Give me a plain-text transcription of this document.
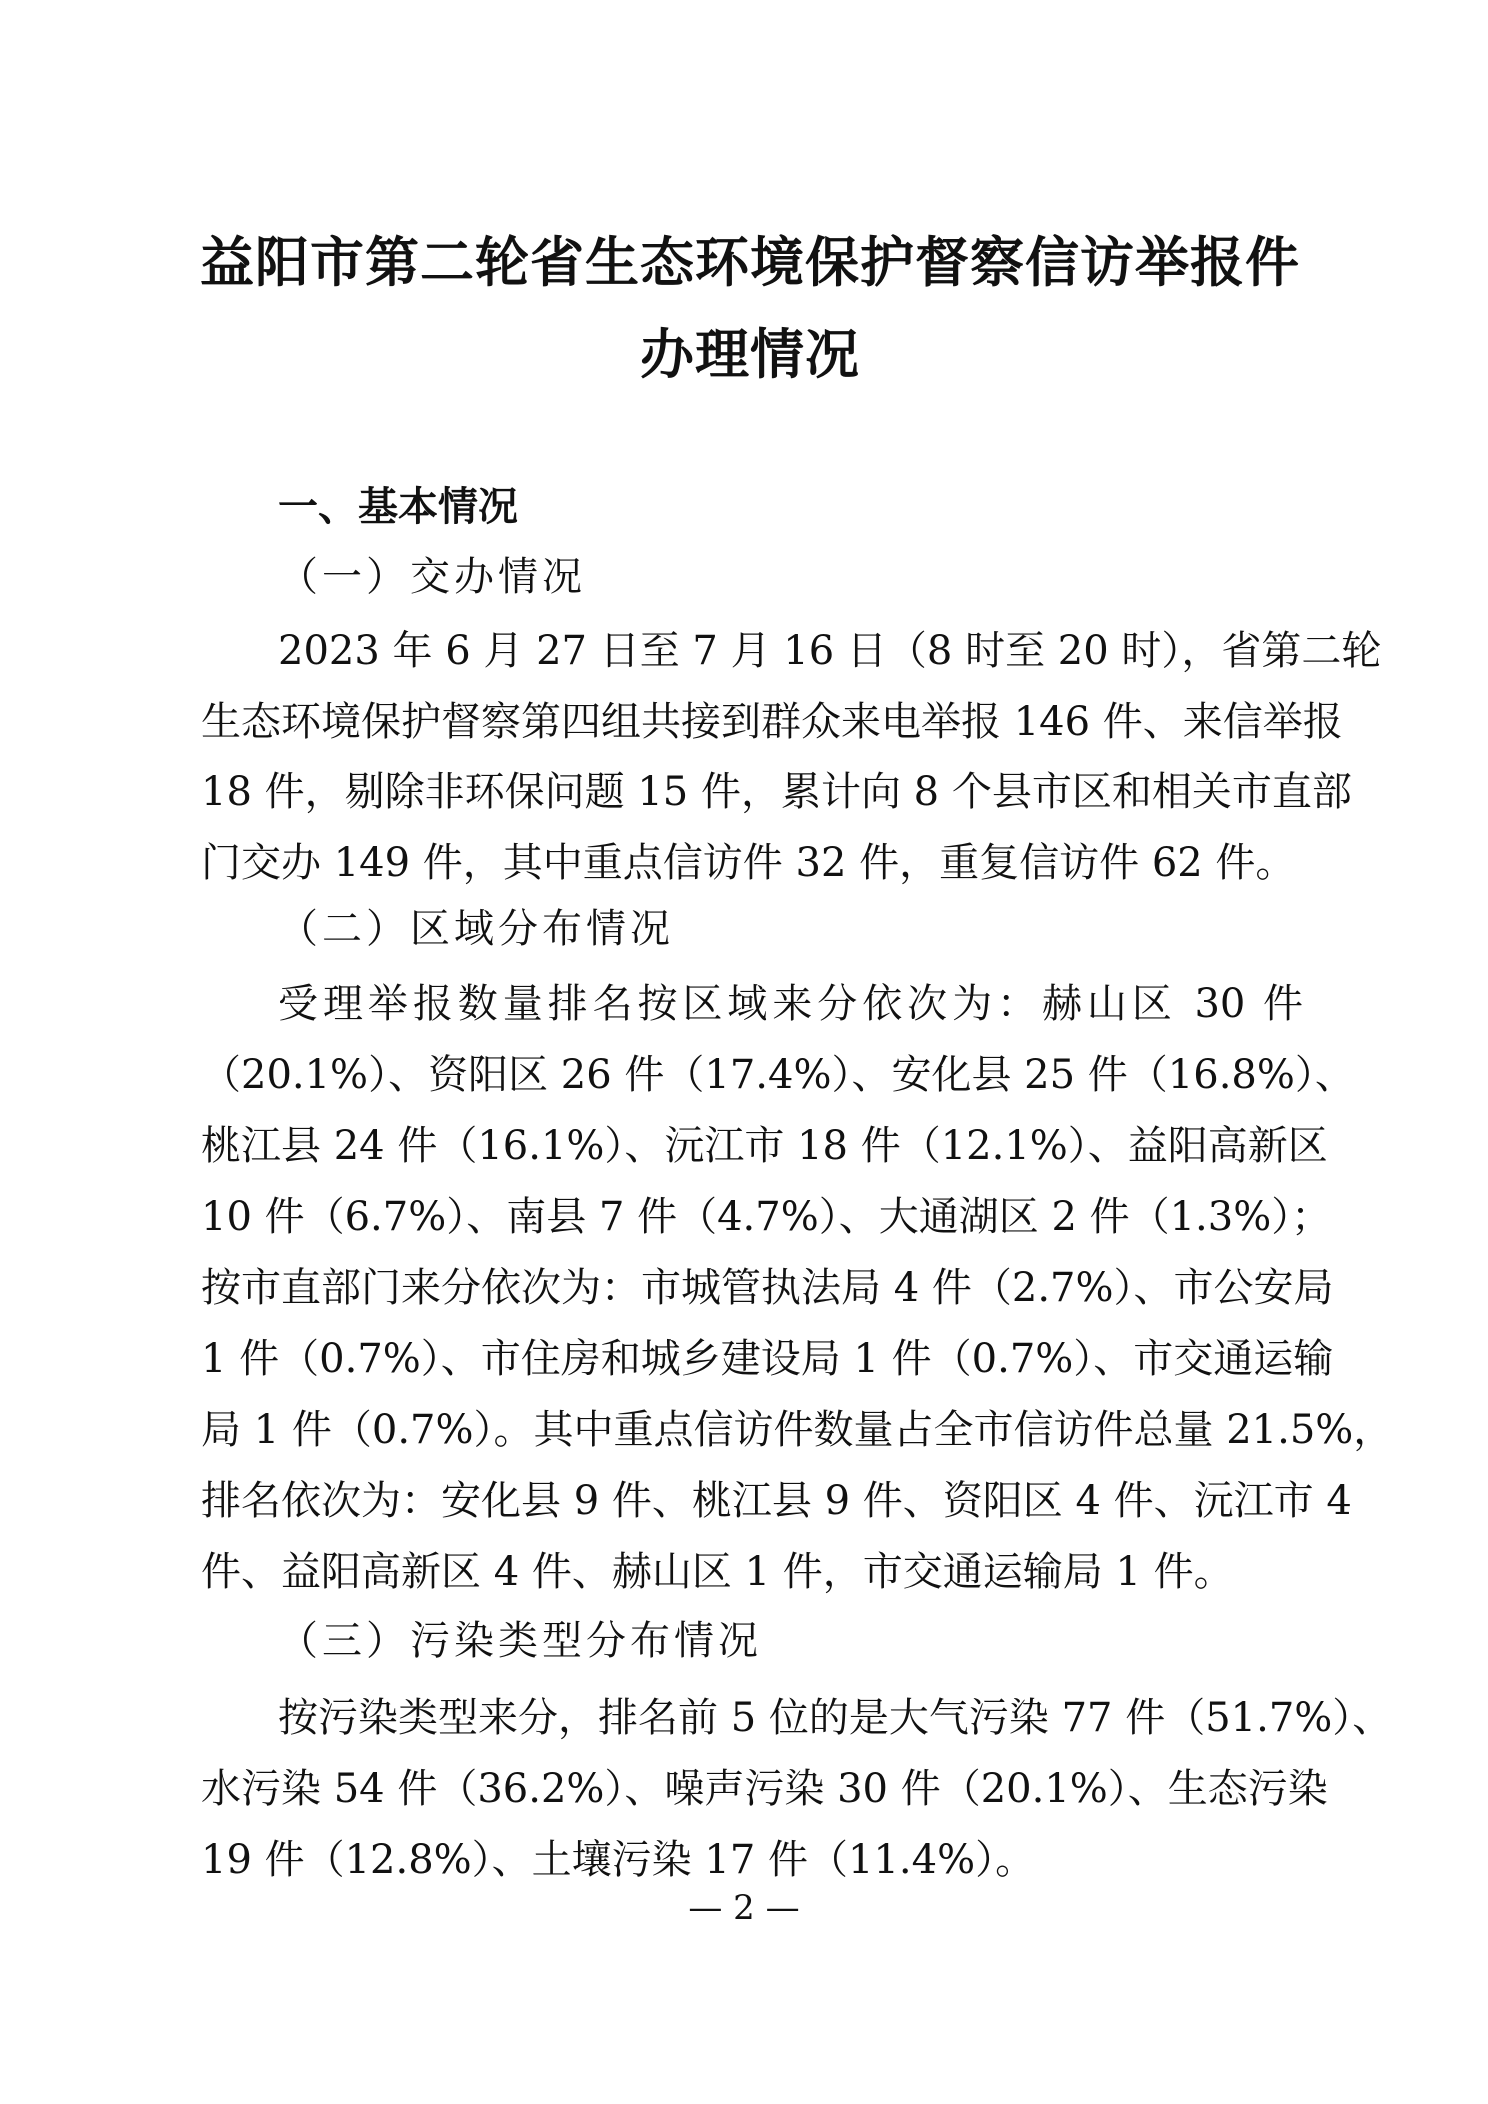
益阳市第二轮省生态环境保护督察信访举报件
办理情况
一、基本情况
（一）交办情况
2023 年 6 月 27 日至 7 月 16 日（8 时至 20 时），省第二轮
生态环境保护督察第四组共接到群众来电举报 146 件、来信举报
18 件，剔除非环保问题 15 件，累计向 8 个县市区和相关市直部
门交办 149 件，其中重点信访件 32 件，重复信访件 62 件。
（二）区域分布情况
受理举报数量排名按区域来分依次为：赫山区 30 件
（20.1%）、资阳区 26 件（17.4%）、安化县 25 件（16.8%）、
桃江县 24 件（16.1%）、沅江市 18 件（12.1%）、益阳高新区
10 件（6.7%）、南县 7 件（4.7%）、大通湖区 2 件（1.3%）；
按市直部门来分依次为：市城管执法局 4 件（2.7%）、市公安局
1 件（0.7%）、市住房和城乡建设局 1 件（0.7%）、市交通运输
局 1 件（0.7%）。其中重点信访件数量占全市信访件总量 21.5%，
排名依次为：安化县 9 件、桃江县 9 件、资阳区 4 件、沅江市 4
件、益阳高新区 4 件、赫山区 1 件，市交通运输局 1 件。
（三）污染类型分布情况
按污染类型来分，排名前 5 位的是大气污染 77 件（51.7%）、
水污染 54 件（36.2%）、噪声污染 30 件（20.1%）、生态污染
19 件（12.8%）、土壤污染 17 件（11.4%）。
— 2 —
